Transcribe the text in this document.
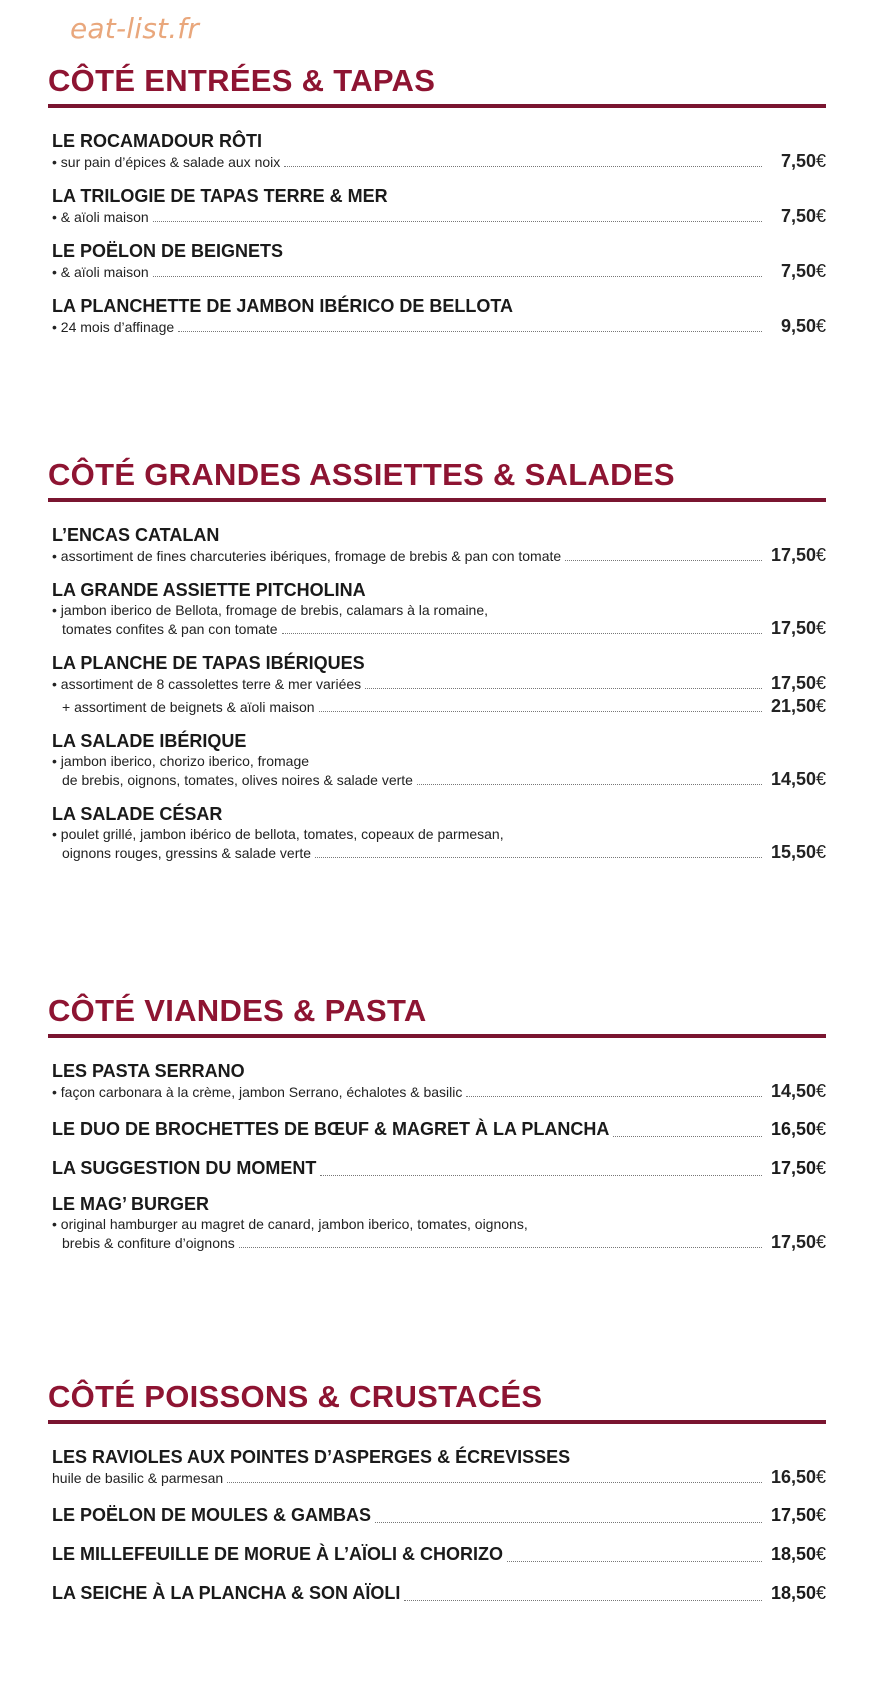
eat-list.fr
CÔTÉ ENTRÉES & TAPAS
LE ROCAMADOUR RÔTI
• sur pain d’épices & salade aux noix	7,50€
LA TRILOGIE DE TAPAS TERRE & MER
• & aïoli maison	7,50€
LE POËLON DE BEIGNETS
• & aïoli maison	7,50€
LA PLANCHETTE DE JAMBON IBÉRICO DE BELLOTA
• 24 mois d’affinage	9,50€
CÔTÉ GRANDES ASSIETTES & SALADES
L’ENCAS CATALAN
• assortiment de fines charcuteries ibériques, fromage de brebis & pan con tomate	17,50€
LA GRANDE ASSIETTE PITCHOLINA
• jambon iberico de Bellota, fromage de brebis, calamars à la romaine,
tomates confites & pan con tomate	17,50€
LA PLANCHE DE TAPAS IBÉRIQUES
• assortiment de 8 cassolettes terre & mer variées	17,50€
+ assortiment de beignets & aïoli maison	21,50€
LA SALADE IBÉRIQUE
• jambon iberico, chorizo iberico, fromage
de brebis, oignons, tomates, olives noires & salade verte	14,50€
LA SALADE CÉSAR
• poulet grillé, jambon ibérico de bellota, tomates, copeaux de parmesan,
oignons rouges, gressins & salade verte	15,50€
CÔTÉ VIANDES & PASTA
LES PASTA SERRANO
• façon carbonara à la crème, jambon Serrano, échalotes & basilic	14,50€
LE DUO DE BROCHETTES DE BŒUF & MAGRET À LA PLANCHA	16,50€
LA SUGGESTION DU MOMENT	17,50€
LE MAG’ BURGER
• original hamburger au magret de canard, jambon iberico, tomates, oignons,
brebis & confiture d’oignons	17,50€
CÔTÉ POISSONS & CRUSTACÉS
LES RAVIOLES AUX POINTES D’ASPERGES & ÉCREVISSES
huile de basilic & parmesan	16,50€
LE POËLON DE MOULES & GAMBAS	17,50€
LE MILLEFEUILLE DE MORUE À L’AÏOLI & CHORIZO	18,50€
LA SEICHE À LA PLANCHA & SON AÏOLI	18,50€
